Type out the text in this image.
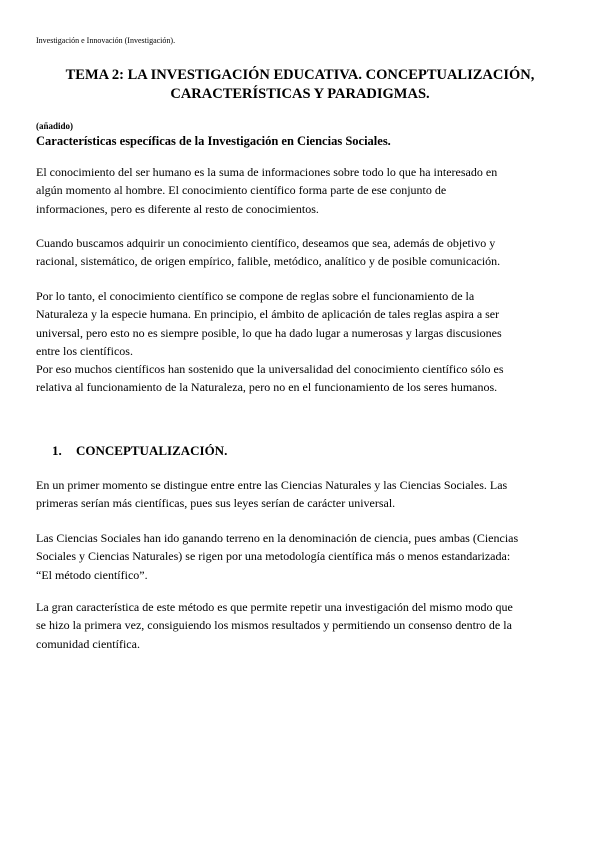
Investigación e Innovación (Investigación).
TEMA 2: LA INVESTIGACIÓN EDUCATIVA. CONCEPTUALIZACIÓN,
CARACTERÍSTICAS Y PARADIGMAS.
(añadido)
Características específicas de la Investigación en Ciencias Sociales.
El conocimiento del ser humano es la suma de informaciones sobre todo lo que ha interesado en
algún momento al hombre. El conocimiento científico forma parte de ese conjunto de
informaciones, pero es diferente al resto de conocimientos.
Cuando buscamos adquirir un conocimiento científico, deseamos que sea, además de objetivo y
racional, sistemático, de origen empírico, falible, metódico, analítico y de posible comunicación.
Por lo tanto, el conocimiento científico se compone de reglas sobre el funcionamiento de la
Naturaleza y la especie humana. En principio, el ámbito de aplicación de tales reglas aspira a ser
universal, pero esto no es siempre posible, lo que ha dado lugar a numerosas y largas discusiones
entre los científicos.
Por eso muchos científicos han sostenido que la universalidad del conocimiento científico sólo es
relativa al funcionamiento de la Naturaleza, pero no en el funcionamiento de los seres humanos.
1. CONCEPTUALIZACIÓN.
En un primer momento se distingue entre entre las Ciencias Naturales y las Ciencias Sociales. Las
primeras serían más científicas, pues sus leyes serían de carácter universal.
Las Ciencias Sociales han ido ganando terreno en la denominación de ciencia, pues ambas (Ciencias
Sociales y Ciencias Naturales) se rigen por una metodología científica más o menos estandarizada:
“El método científico”.
La gran característica de este método es que permite repetir una investigación del mismo modo que
se hizo la primera vez, consiguiendo los mismos resultados y permitiendo un consenso dentro de la
comunidad científica.
